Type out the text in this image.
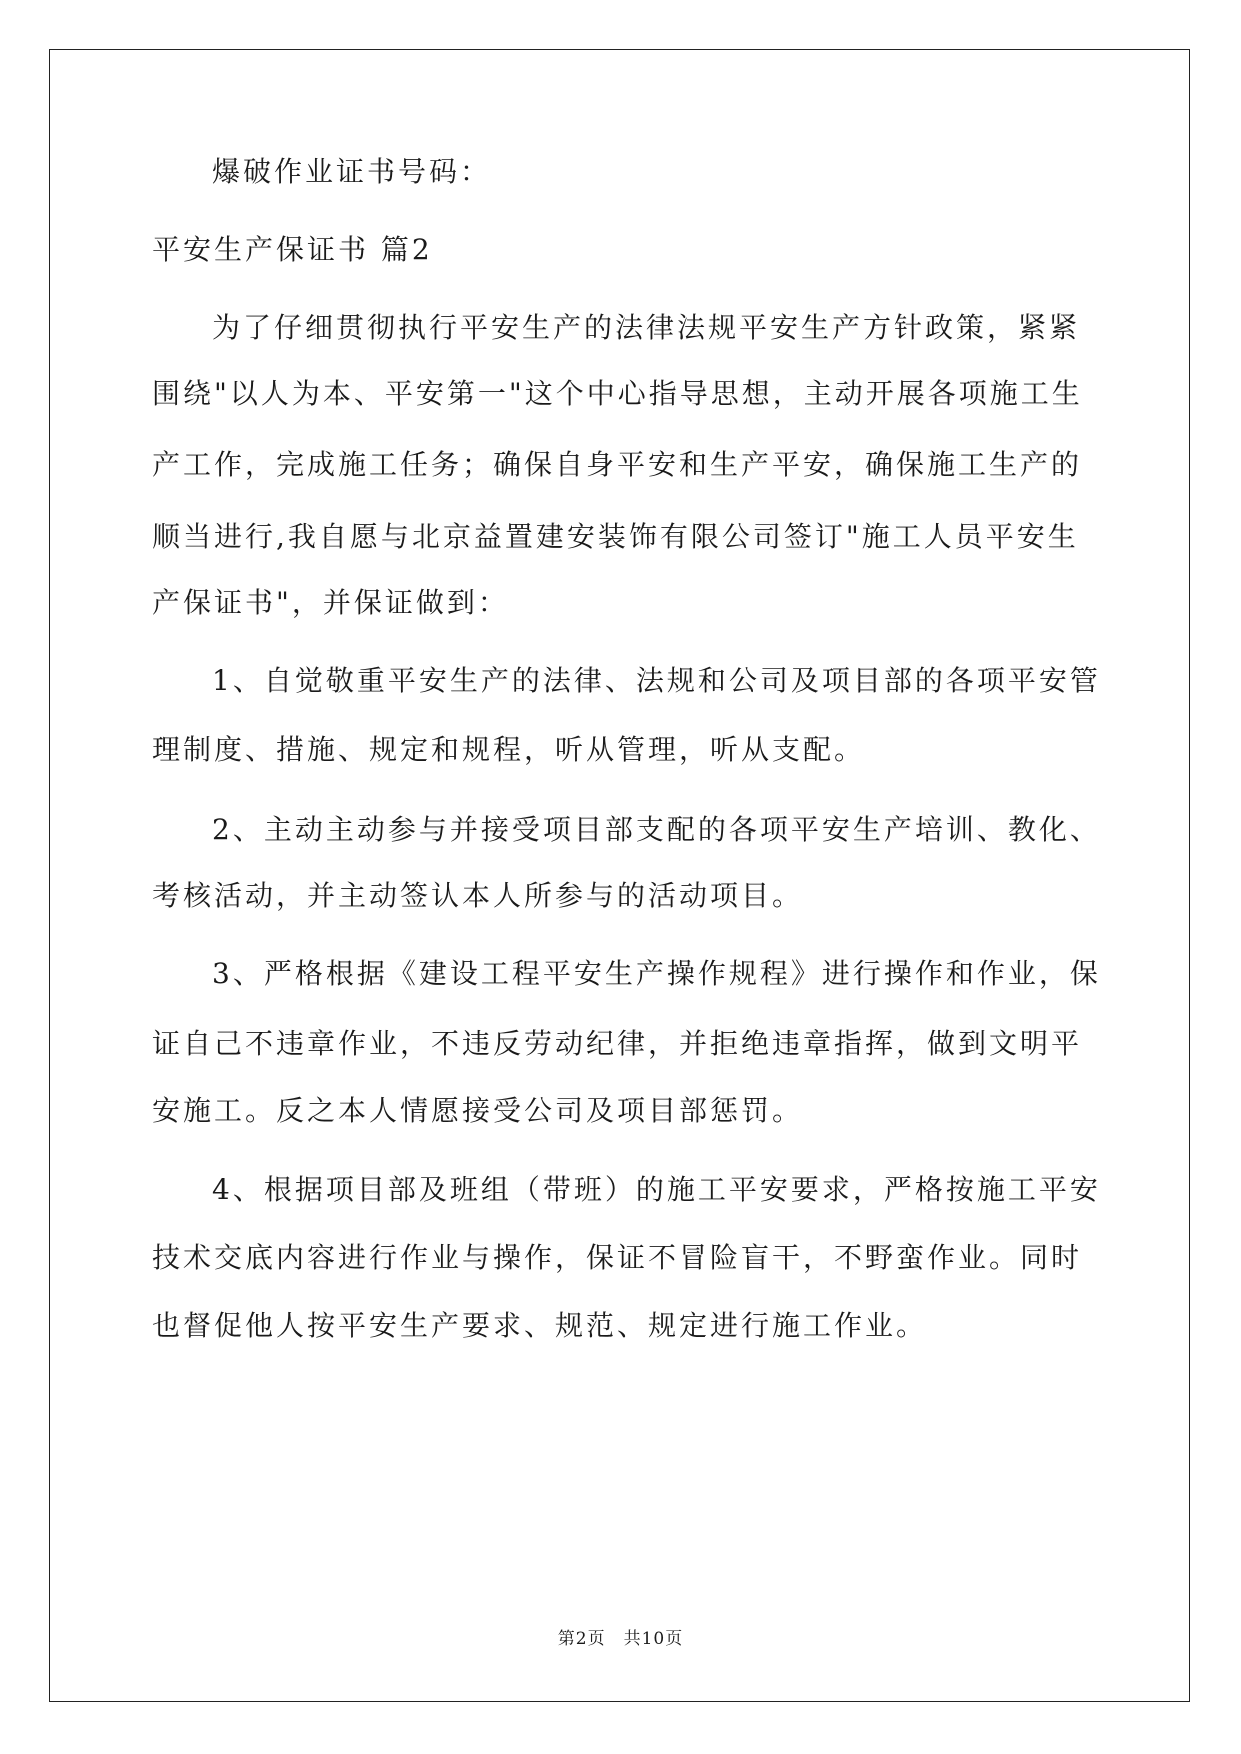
爆破作业证书号码：
平安生产保证书 篇2
为了仔细贯彻执行平安生产的法律法规平安生产方针政策，紧紧
围绕"以人为本、平安第一"这个中心指导思想，主动开展各项施工生
产工作，完成施工任务；确保自身平安和生产平安，确保施工生产的
顺当进行,我自愿与北京益置建安装饰有限公司签订"施工人员平安生
产保证书"，并保证做到：
1、自觉敬重平安生产的法律、法规和公司及项目部的各项平安管
理制度、措施、规定和规程，听从管理，听从支配。
2、主动主动参与并接受项目部支配的各项平安生产培训、教化、
考核活动，并主动签认本人所参与的活动项目。
3、严格根据《建设工程平安生产操作规程》进行操作和作业，保
证自己不违章作业，不违反劳动纪律，并拒绝违章指挥，做到文明平
安施工。反之本人情愿接受公司及项目部惩罚。
4、根据项目部及班组（带班）的施工平安要求，严格按施工平安
技术交底内容进行作业与操作，保证不冒险盲干，不野蛮作业。同时
也督促他人按平安生产要求、规范、规定进行施工作业。
第2页　共10页
